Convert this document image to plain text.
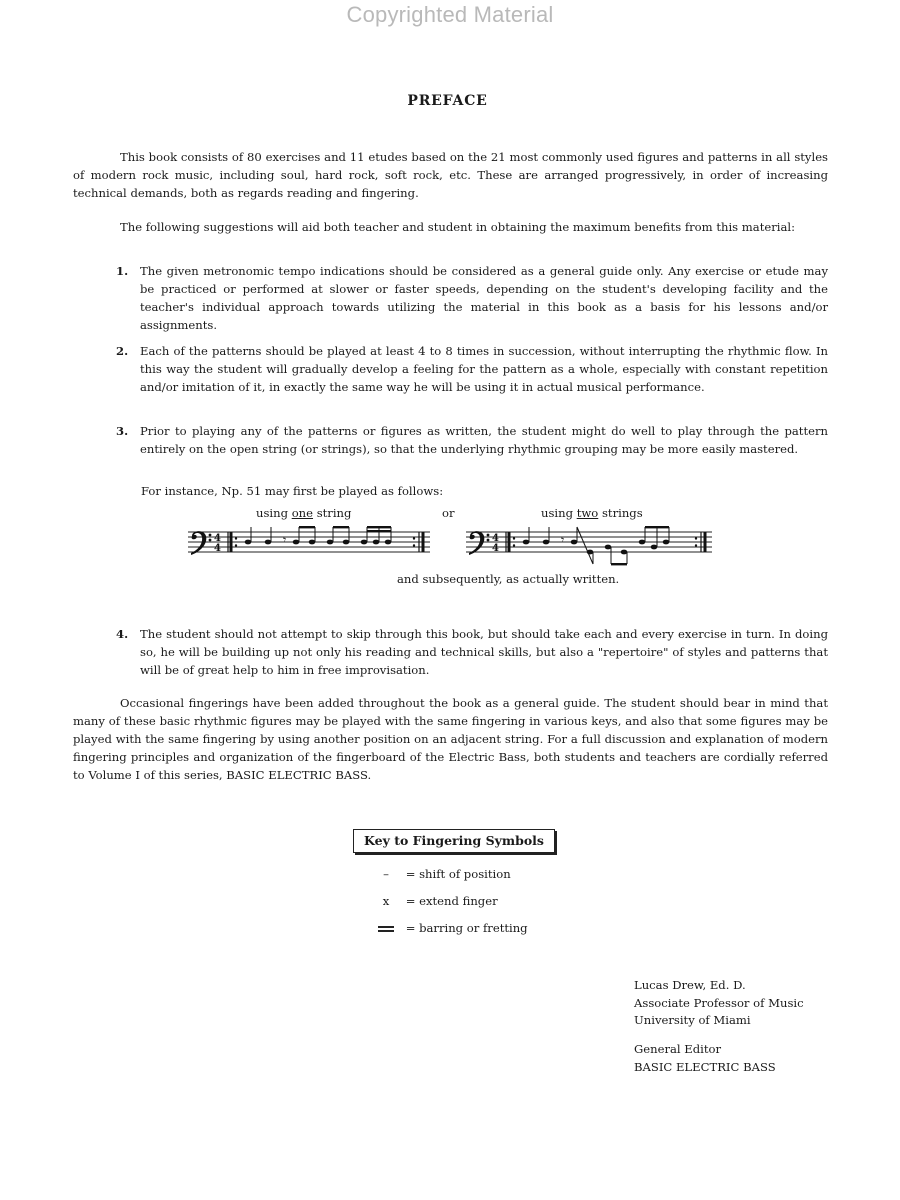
Copyrighted Material
PREFACE

This book consists of 80 exercises and 11 etudes based on the 21 most commonly used figures and patterns in all styles of modern rock music, including soul, hard rock, soft rock, etc. These are arranged progressively, in order of increasing technical demands, both as regards reading and fingering.

The following suggestions will aid both teacher and student in obtaining the maximum benefits from this material:

1. The given metronomic tempo indications should be considered as a general guide only. Any exercise or etude may be practiced or performed at slower or faster speeds, depending on the student's developing facility and the teacher's individual approach towards utilizing the material in this book as a basis for his lessons and/or assignments.

2. Each of the patterns should be played at least 4 to 8 times in succession, without interrupting the rhythmic flow. In this way the student will gradually develop a feeling for the pattern as a whole, especially with constant repetition and/or imitation of it, in exactly the same way he will be using it in actual musical performance.

3. Prior to playing any of the patterns or figures as written, the student might do well to play through the pattern entirely on the open string (or strings), so that the underlying rhythmic grouping may be more easily mastered.

For instance, Np. 51 may first be played as follows:
using one string	or	using two strings
4
4
𝄾	4
4
𝄾
and subsequently, as actually written.
4. The student should not attempt to skip through this book, but should take each and every exercise in turn. In doing so, he will be building up not only his reading and technical skills, but also a "repertoire" of styles and patterns that will be of great help to him in free improvisation.

Occasional fingerings have been added throughout the book as a general guide. The student should bear in mind that many of these basic rhythmic figures may be played with the same fingering in various keys, and also that some figures may be played with the same fingering by using another position on an adjacent string. For a full discussion and explanation of modern fingering principles and organization of the fingerboard of the Electric Bass, both students and teachers are cordially referred to Volume I of this series, BASIC ELECTRIC BASS.

Key to Fingering Symbols
– = shift of position
x = extend finger
= barring or fretting
Lucas Drew, Ed. D.
Associate Professor of Music
University of Miami
General Editor
BASIC ELECTRIC BASS
